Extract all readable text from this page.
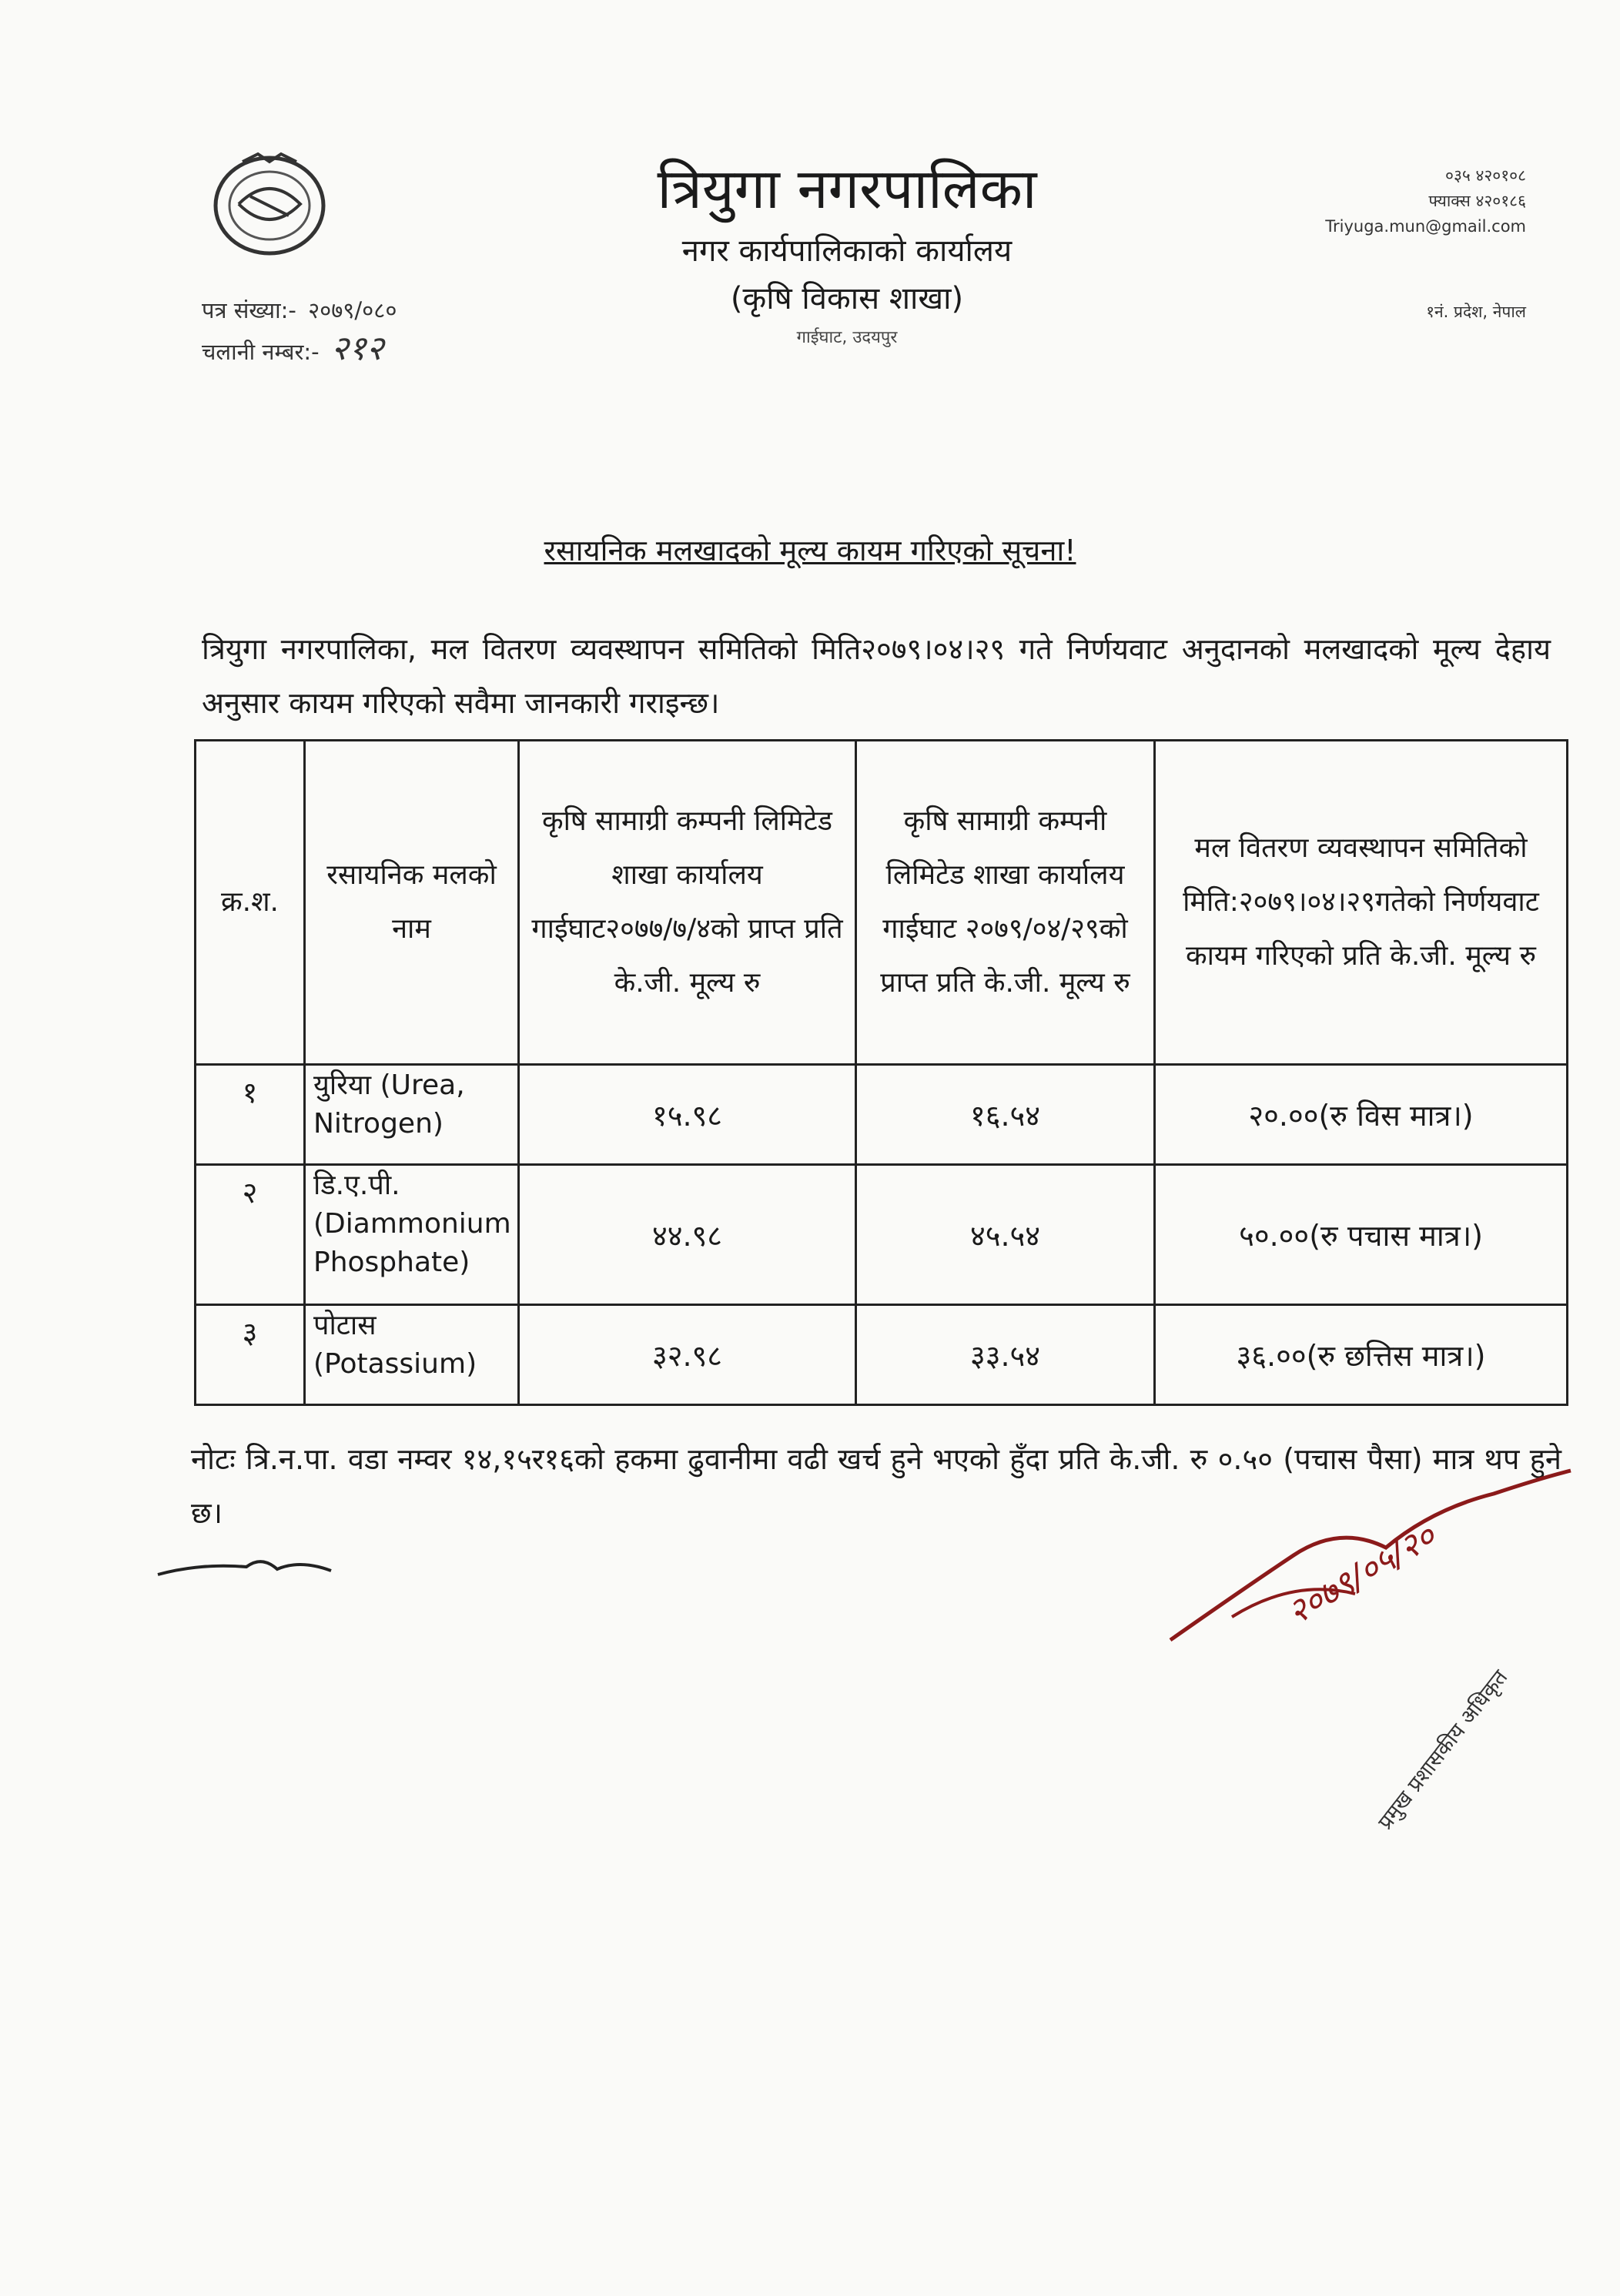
पत्र संख्या:- २०७९/०८०
चलानी नम्बर:- २१२
त्रियुगा नगरपालिका
नगर कार्यपालिकाको कार्यालय
(कृषि विकास शाखा)
गाईघाट, उदयपुर
०३५ ४२०१०८
फ्याक्स ४२०१८६
Triyuga.mun@gmail.com
१नं. प्रदेश, नेपाल
रसायनिक मलखादको मूल्य कायम गरिएको सूचना!
त्रियुगा नगरपालिका, मल वितरण व्यवस्थापन समितिको मिति२०७९।०४।२९ गते निर्णयवाट अनुदानको मलखादको मूल्य देहाय अनुसार कायम गरिएको सवैमा जानकारी गराइन्छ।
क्र.श.	रसायनिक मलको नाम	कृषि सामाग्री कम्पनी लिमिटेड शाखा कार्यालय गाईघाट२०७७/७/४को प्राप्त प्रति के.जी. मूल्य रु	कृषि सामाग्री कम्पनी लिमिटेड शाखा कार्यालय गाईघाट २०७९/०४/२९को प्राप्त प्रति के.जी. मूल्य रु	मल वितरण व्यवस्थापन समितिको मिति:२०७९।०४।२९गतेको निर्णयवाट कायम गरिएको प्रति के.जी. मूल्य रु
१	युरिया (Urea, Nitrogen)	१५.९८	१६.५४	२०.००(रु विस मात्र।)
२	डि.ए.पी. (Diammonium Phosphate)	४४.९८	४५.५४	५०.००(रु पचास मात्र।)
३	पोटास (Potassium)	३२.९८	३३.५४	३६.००(रु छत्तिस मात्र।)
नोटः त्रि.न.पा. वडा नम्वर १४,१५र१६को हकमा ढुवानीमा वढी खर्च हुने भएको हुँदा प्रति के.जी. रु ०.५० (पचास पैसा) मात्र थप हुने छ।
२०७९/०५/२०
प्रमुख प्रशासकीय अधिकृत
